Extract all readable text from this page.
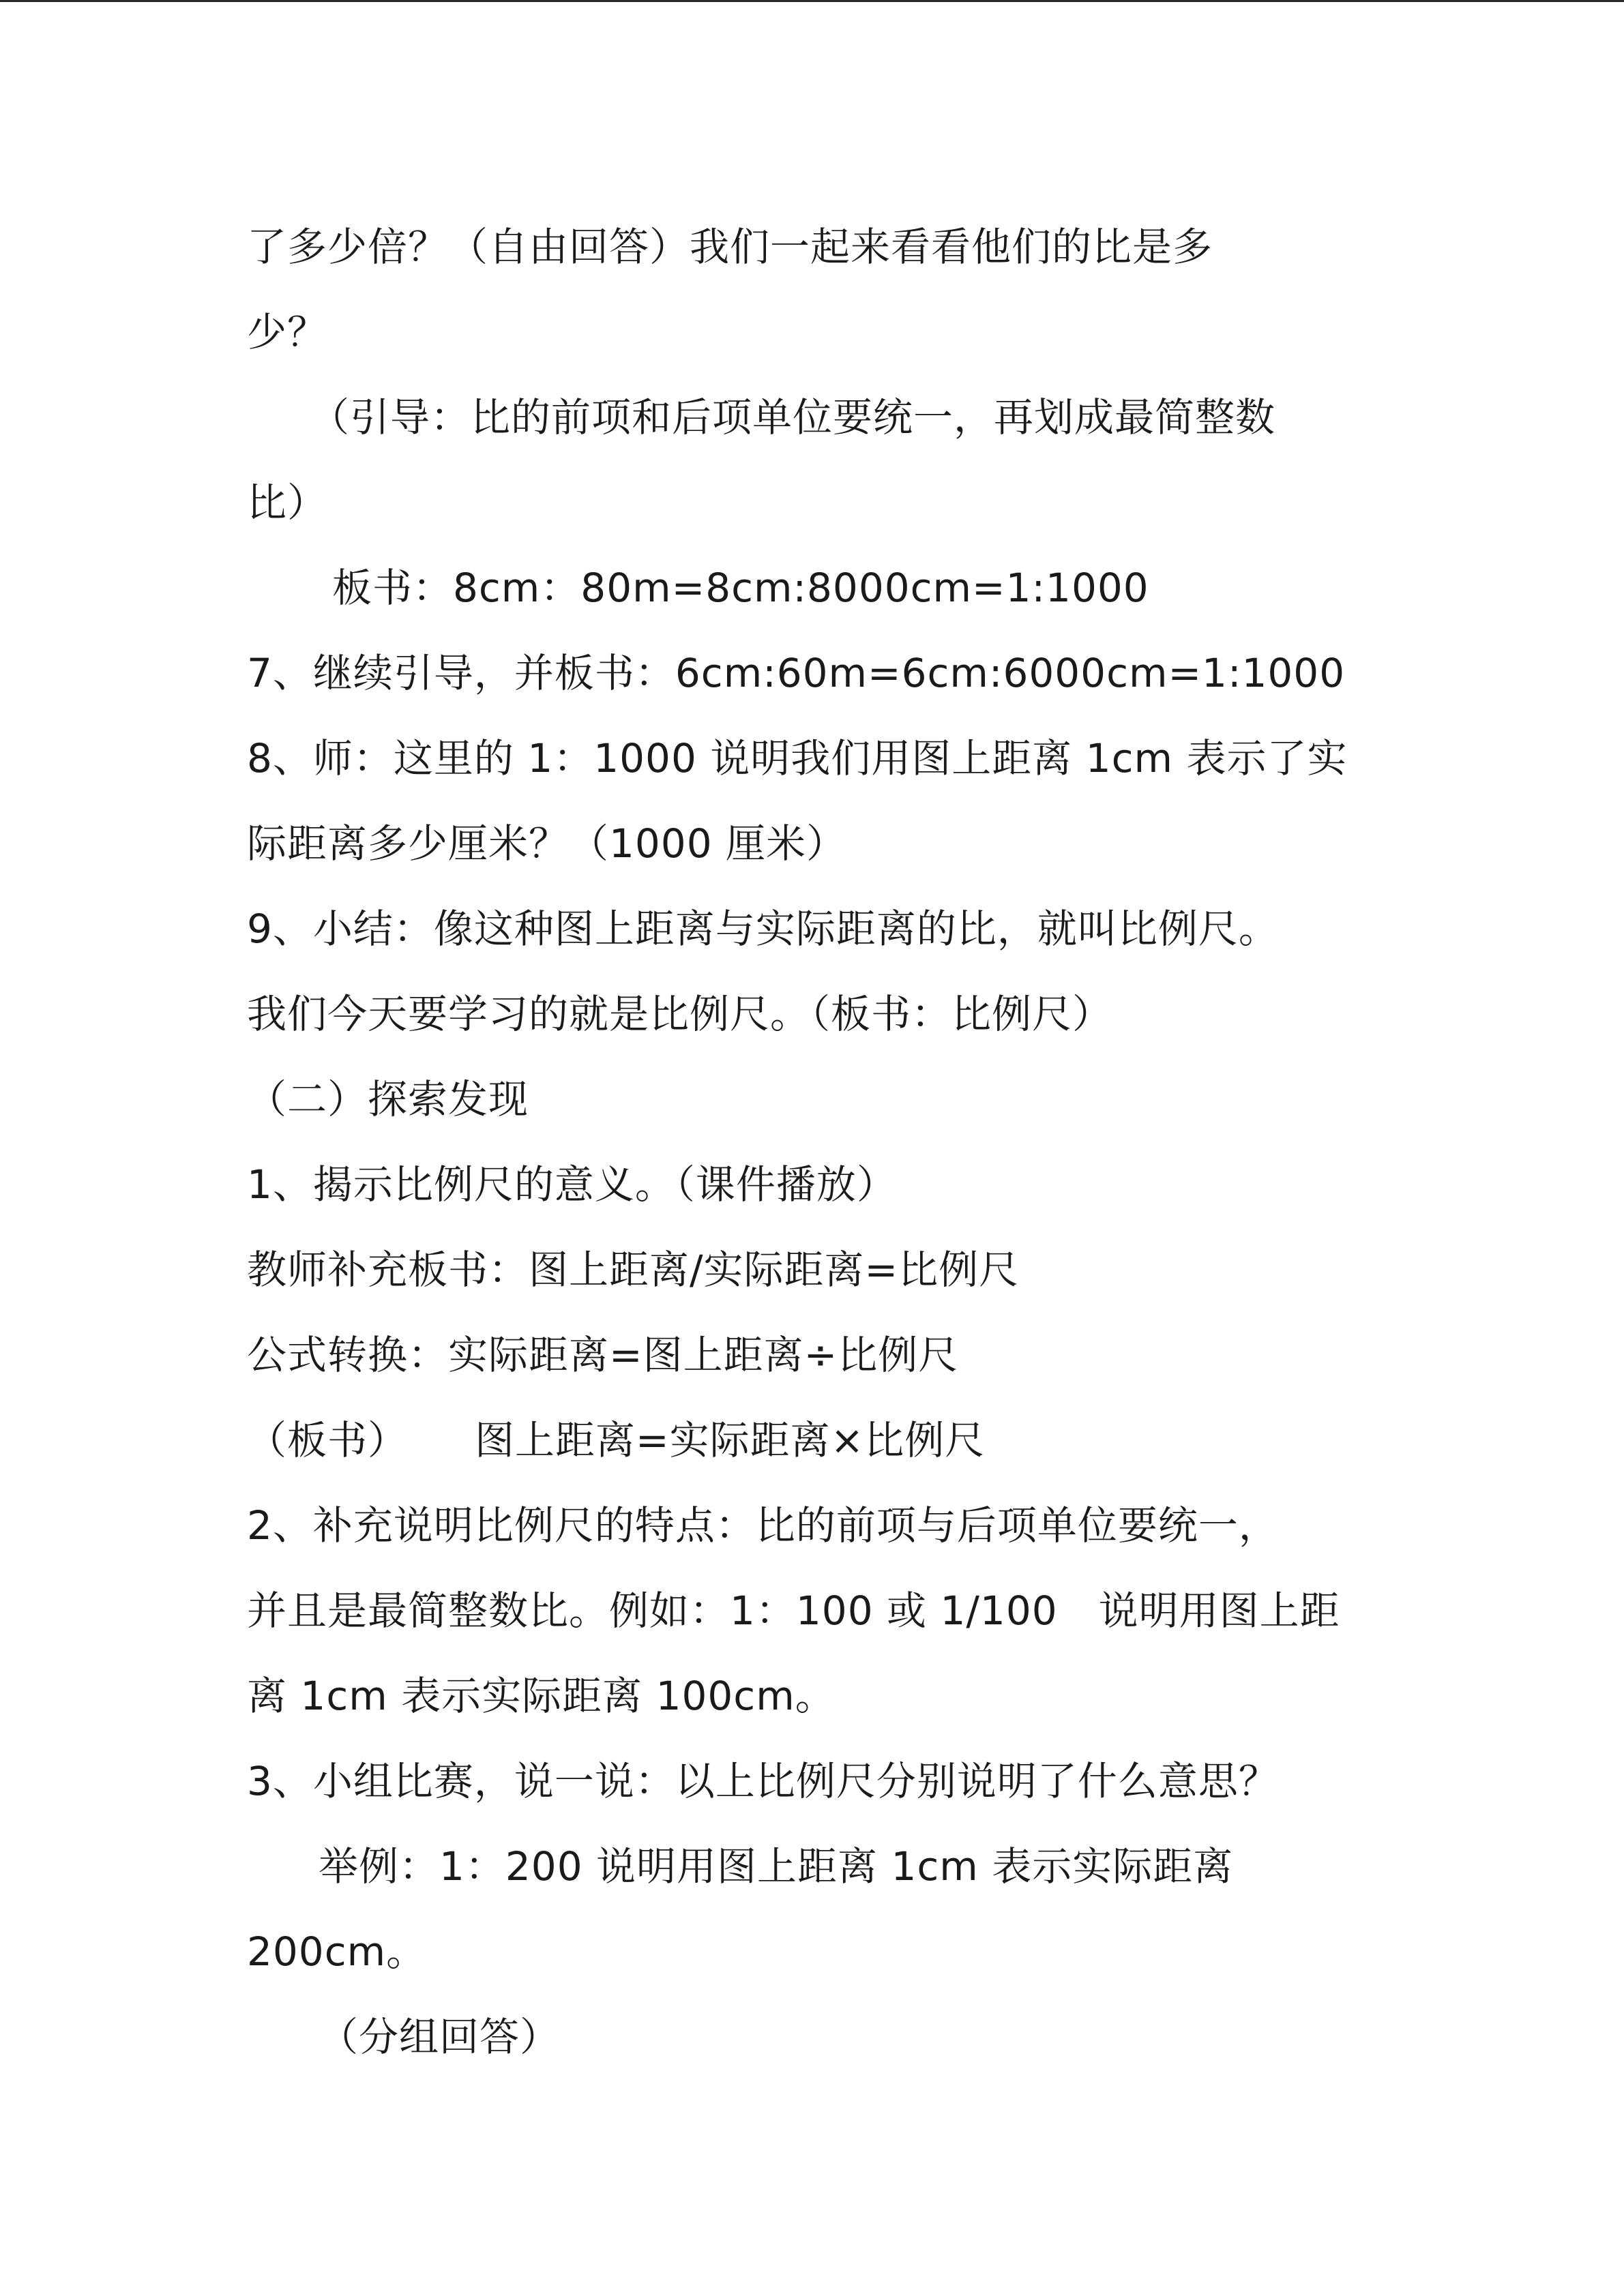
了多少倍？（自由回答）我们一起来看看他们的比是多
少？
（引导：比的前项和后项单位要统一，再划成最简整数
比）
板书：8cm：80m=8cm:8000cm=1:1000
7、继续引导，并板书：6cm:60m=6cm:6000cm=1:1000
8、师：这里的 1：1000 说明我们用图上距离 1cm 表示了实
际距离多少厘米？（1000 厘米）
9、小结：像这种图上距离与实际距离的比，就叫比例尺。
我们今天要学习的就是比例尺。（板书：比例尺）
（二）探索发现
1、揭示比例尺的意义。（课件播放）
教师补充板书：图上距离/实际距离=比例尺
公式转换：实际距离=图上距离÷比例尺
（板书） 图上距离=实际距离×比例尺
2、补充说明比例尺的特点：比的前项与后项单位要统一，
并且是最简整数比。例如：1：100 或 1/100 说明用图上距
离 1cm 表示实际距离 100cm。
3、小组比赛，说一说：以上比例尺分别说明了什么意思？
举例：1：200 说明用图上距离 1cm 表示实际距离
200cm。
（分组回答）
